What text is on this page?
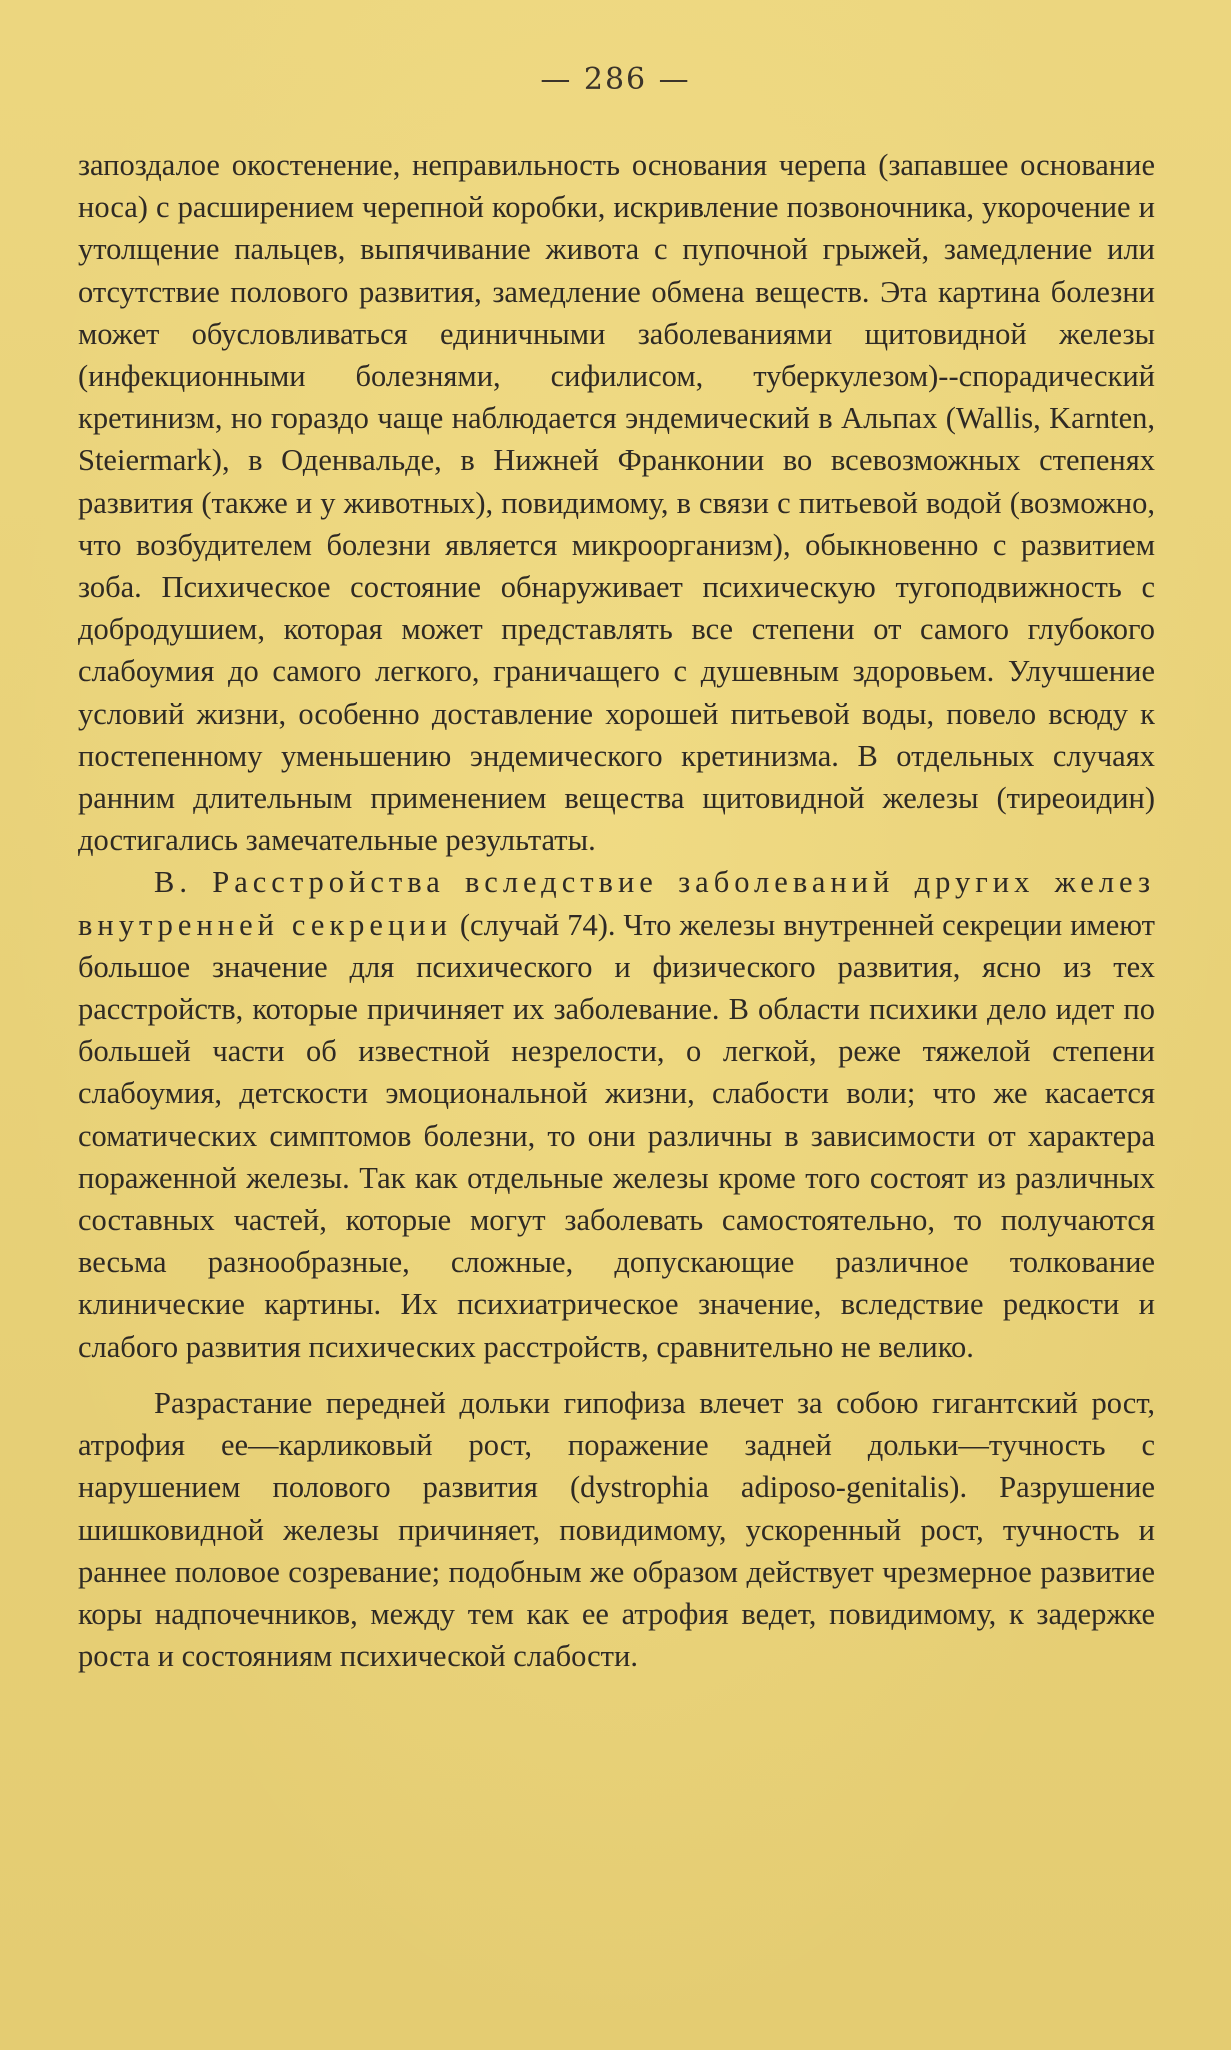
— 286 —

запоздалое окостенение, неправильность основания черепа (запавшее основание носа) с расширением черепной коробки, искривление позвоночника, укорочение и утолщение пальцев, выпячивание живота с пупочной грыжей, замедление или отсутствие полового развития, замедление обмена веществ. Эта картина болезни может обусловливаться единичными заболеваниями щитовидной железы (инфекционными болезнями, сифилисом, туберкулезом)--спорадический кретинизм, но гораздо чаще наблюдается эндемический в Альпах (Wallis, Karnten, Steiermark), в Оденвальде, в Нижней Франконии во всевозможных степенях развития (также и у животных), повидимому, в связи с питьевой водой (возможно, что возбудителем болезни является микроорганизм), обыкновенно с развитием зоба. Психическое состояние обнаруживает психическую тугоподвижность с добродушием, которая может представлять все степени от самого глубокого слабоумия до самого легкого, граничащего с душевным здоровьем. Улучшение условий жизни, особенно доставление хорошей питьевой воды, повело всюду к постепенному уменьшению эндемического кретинизма. В отдельных случаях ранним длительным применением вещества щитовидной железы (тиреоидин) достигались замечательные результаты.

В. Расстройства вследствие заболеваний других желез внутренней секреции (случай 74). Что железы внутренней секреции имеют большое значение для психического и физического развития, ясно из тех расстройств, которые причиняет их заболевание. В области психики дело идет по большей части об известной незрелости, о легкой, реже тяжелой степени слабоумия, детскости эмоциональной жизни, слабости воли; что же касается соматических симптомов болезни, то они различны в зависимости от характера пораженной железы. Так как отдельные железы кроме того состоят из различных составных частей, которые могут заболевать самостоятельно, то получаются весьма разнообразные, сложные, допускающие различное толкование клинические картины. Их психиатрическое значение, вследствие редкости и слабого развития психических расстройств, сравнительно не велико.

Разрастание передней дольки гипофиза влечет за собою гигантский рост, атрофия ее—карликовый рост, поражение задней дольки—тучность с нарушением полового развития (dystrophia adiposo-genitalis). Разрушение шишковидной железы причиняет, повидимому, ускоренный рост, тучность и раннее половое созревание; подобным же образом действует чрезмерное развитие коры надпочечников, между тем как ее атрофия ведет, повидимому, к задержке роста и состояниям психической слабости.
